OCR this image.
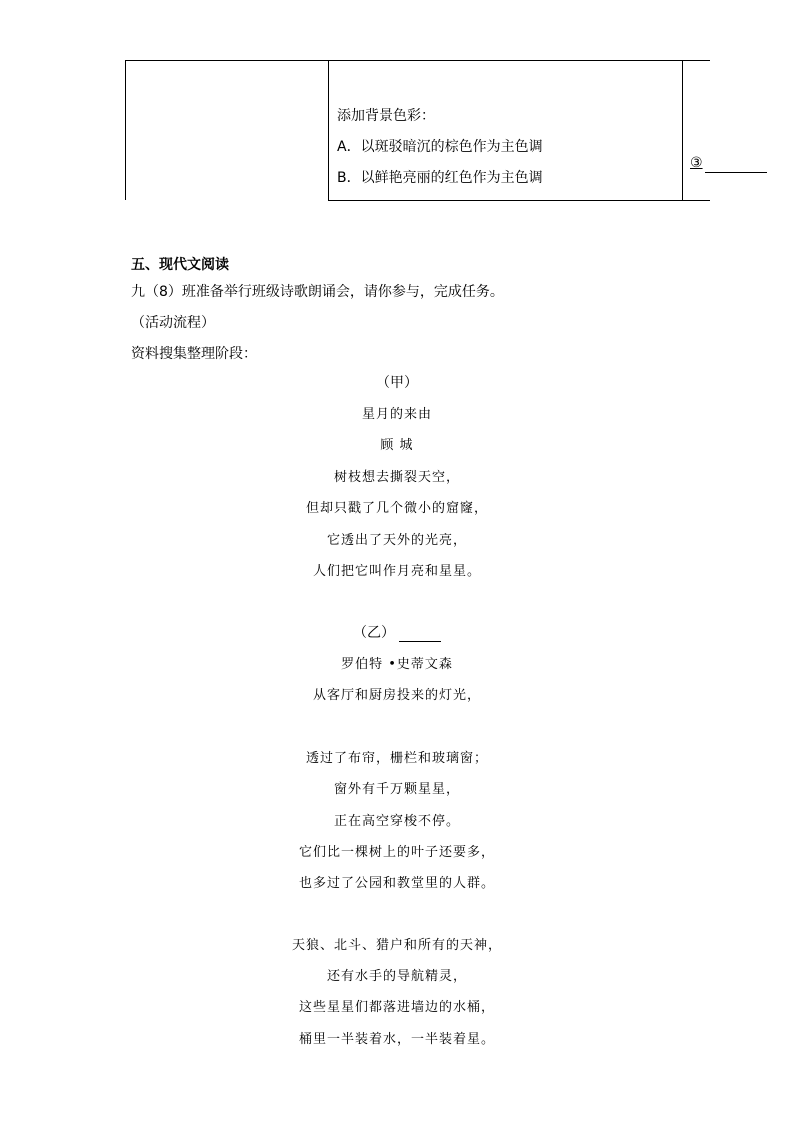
添加背景色彩：
A．以斑驳暗沉的棕色作为主色调
B．以鲜艳亮丽的红色作为主色调
③
五、现代文阅读
九（8）班准备举行班级诗歌朗诵会，请你参与，完成任务。
（活动流程）
资料搜集整理阶段：
（甲）
星月的来由
顾 城
树枝想去撕裂天空，
但却只戳了几个微小的窟窿，
它透出了天外的光亮，
人们把它叫作月亮和星星。
（乙）
罗伯特 •史蒂文森
从客厅和厨房投来的灯光，
透过了布帘，栅栏和玻璃窗；
窗外有千万颗星星，
正在高空穿梭不停。
它们比一棵树上的叶子还要多，
也多过了公园和教堂里的人群。
天狼、北斗、猎户和所有的天神，
还有水手的导航精灵，
这些星星们都落进墙边的水桶，
桶里一半装着水，一半装着星。
